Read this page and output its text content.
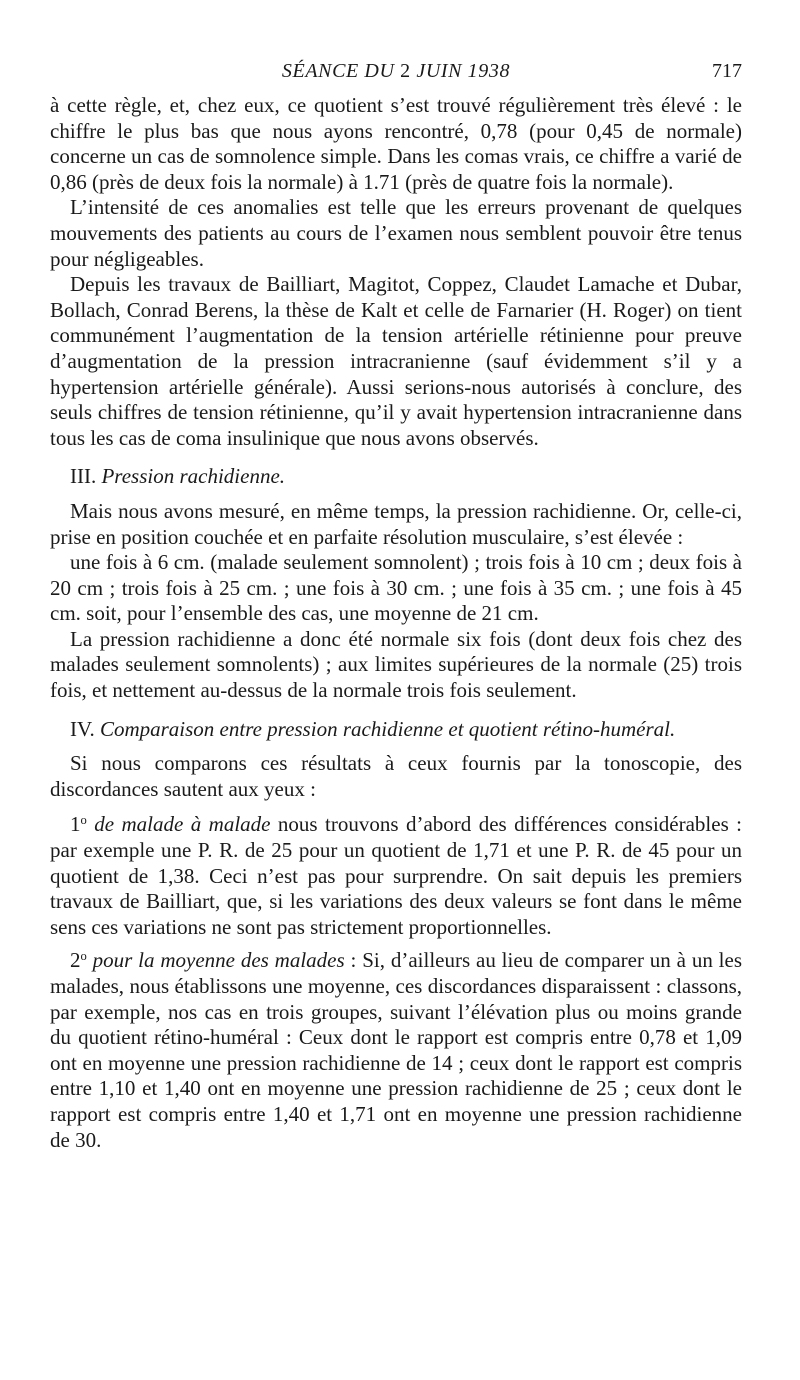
SÉANCE DU 2 JUIN 1938	717

à cette règle, et, chez eux, ce quotient s’est trouvé régulièrement très élevé : le chiffre le plus bas que nous ayons rencontré, 0,78 (pour 0,45 de normale) concerne un cas de somnolence simple. Dans les comas vrais, ce chiffre a varié de 0,86 (près de deux fois la normale) à 1.71 (près de quatre fois la normale).

L’intensité de ces anomalies est telle que les erreurs provenant de quelques mouvements des patients au cours de l’examen nous semblent pouvoir être tenus pour négligeables.

Depuis les travaux de Bailliart, Magitot, Coppez, Claudet Lamache et Dubar, Bollach, Conrad Berens, la thèse de Kalt et celle de Farnarier (H. Roger) on tient communément l’augmentation de la tension artérielle rétinienne pour preuve d’augmentation de la pression intracranienne (sauf évidemment s’il y a hypertension artérielle générale). Aussi serions-nous autorisés à conclure, des seuls chiffres de tension rétinienne, qu’il y avait hypertension intracranienne dans tous les cas de coma insulinique que nous avons observés.

III. Pression rachidienne.

Mais nous avons mesuré, en même temps, la pression rachidienne. Or, celle-ci, prise en position couchée et en parfaite résolution musculaire, s’est élevée :

une fois à 6 cm. (malade seulement somnolent) ; trois fois à 10 cm ; deux fois à 20 cm ; trois fois à 25 cm. ; une fois à 30 cm. ; une fois à 35 cm. ; une fois à 45 cm. soit, pour l’ensemble des cas, une moyenne de 21 cm.

La pression rachidienne a donc été normale six fois (dont deux fois chez des malades seulement somnolents) ; aux limites supérieures de la normale (25) trois fois, et nettement au-dessus de la normale trois fois seulement.

IV. Comparaison entre pression rachidienne et quotient rétino-huméral.

Si nous comparons ces résultats à ceux fournis par la tonoscopie, des discordances sautent aux yeux :

1$^o$ de malade à malade nous trouvons d’abord des différences considérables : par exemple une P. R. de 25 pour un quotient de 1,71 et une P. R. de 45 pour un quotient de 1,38. Ceci n’est pas pour surprendre. On sait depuis les premiers travaux de Bailliart, que, si les variations des deux valeurs se font dans le même sens ces variations ne sont pas strictement proportionnelles.

2$^o$ pour la moyenne des malades : Si, d’ailleurs au lieu de comparer un à un les malades, nous établissons une moyenne, ces discordances disparaissent : classons, par exemple, nos cas en trois groupes, suivant l’élévation plus ou moins grande du quotient rétino-huméral : Ceux dont le rapport est compris entre 0,78 et 1,09 ont en moyenne une pression rachidienne de 14 ; ceux dont le rapport est compris entre 1,10 et 1,40 ont en moyenne une pression rachidienne de 25 ; ceux dont le rapport est compris entre 1,40 et 1,71 ont en moyenne une pression rachidienne de 30.
